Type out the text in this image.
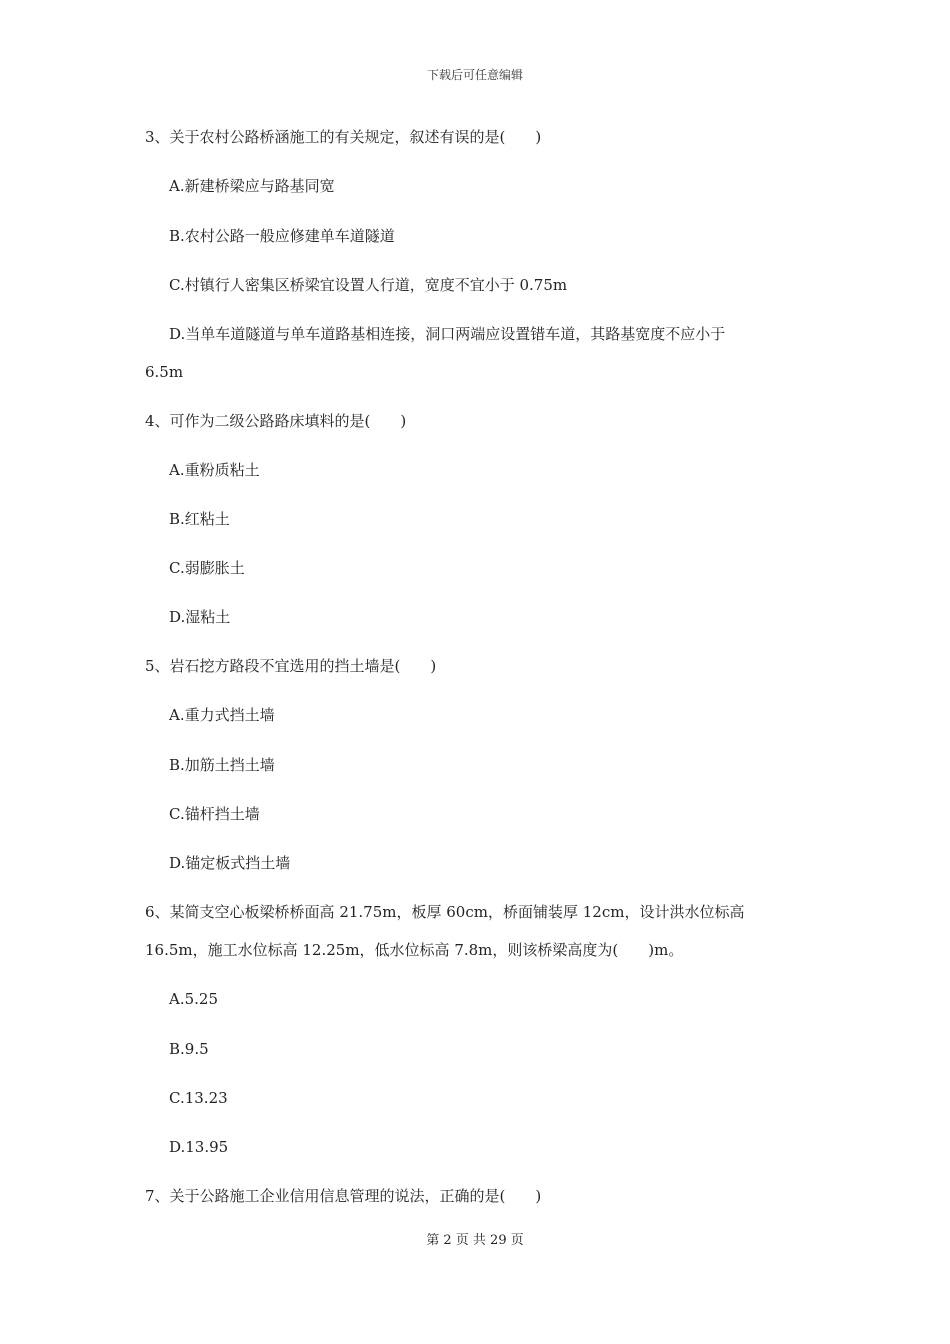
下载后可任意编辑
3、关于农村公路桥涵施工的有关规定，叙述有误的是(　　)
A.新建桥梁应与路基同宽
B.农村公路一般应修建单车道隧道
C.村镇行人密集区桥梁宜设置人行道，宽度不宜小于 0.75m
D.当单车道隧道与单车道路基相连接，洞口两端应设置错车道，其路基宽度不应小于
6.5m
4、可作为二级公路路床填料的是(　　)
A.重粉质粘土
B.红粘土
C.弱膨胀土
D.湿粘土
5、岩石挖方路段不宜选用的挡土墙是(　　)
A.重力式挡土墙
B.加筋土挡土墙
C.锚杆挡土墙
D.锚定板式挡土墙
6、某简支空心板梁桥桥面高 21.75m，板厚 60cm，桥面铺装厚 12cm，设计洪水位标高
16.5m，施工水位标高 12.25m，低水位标高 7.8m，则该桥梁高度为(　　)m。
A.5.25
B.9.5
C.13.23
D.13.95
7、关于公路施工企业信用信息管理的说法，正确的是(　　)
第 2 页 共 29 页
